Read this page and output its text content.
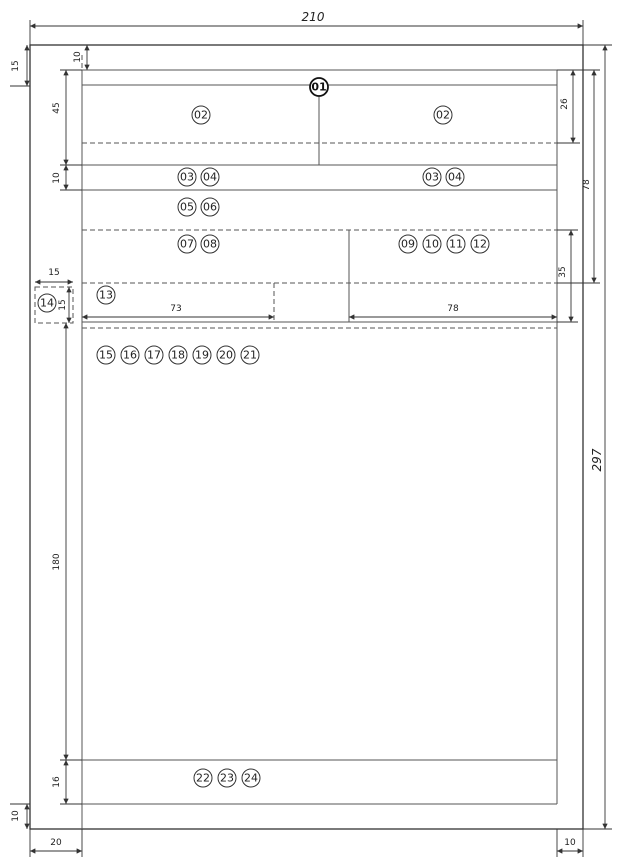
210
297
15
10
45
10
26
78
35
15
15	73	78
180
16
10
20	10
01
02	02
03 04	03 04
05 06
07 08	09 10 11 12
13
14
15 16 17 18 19 20 21
22 23 24
